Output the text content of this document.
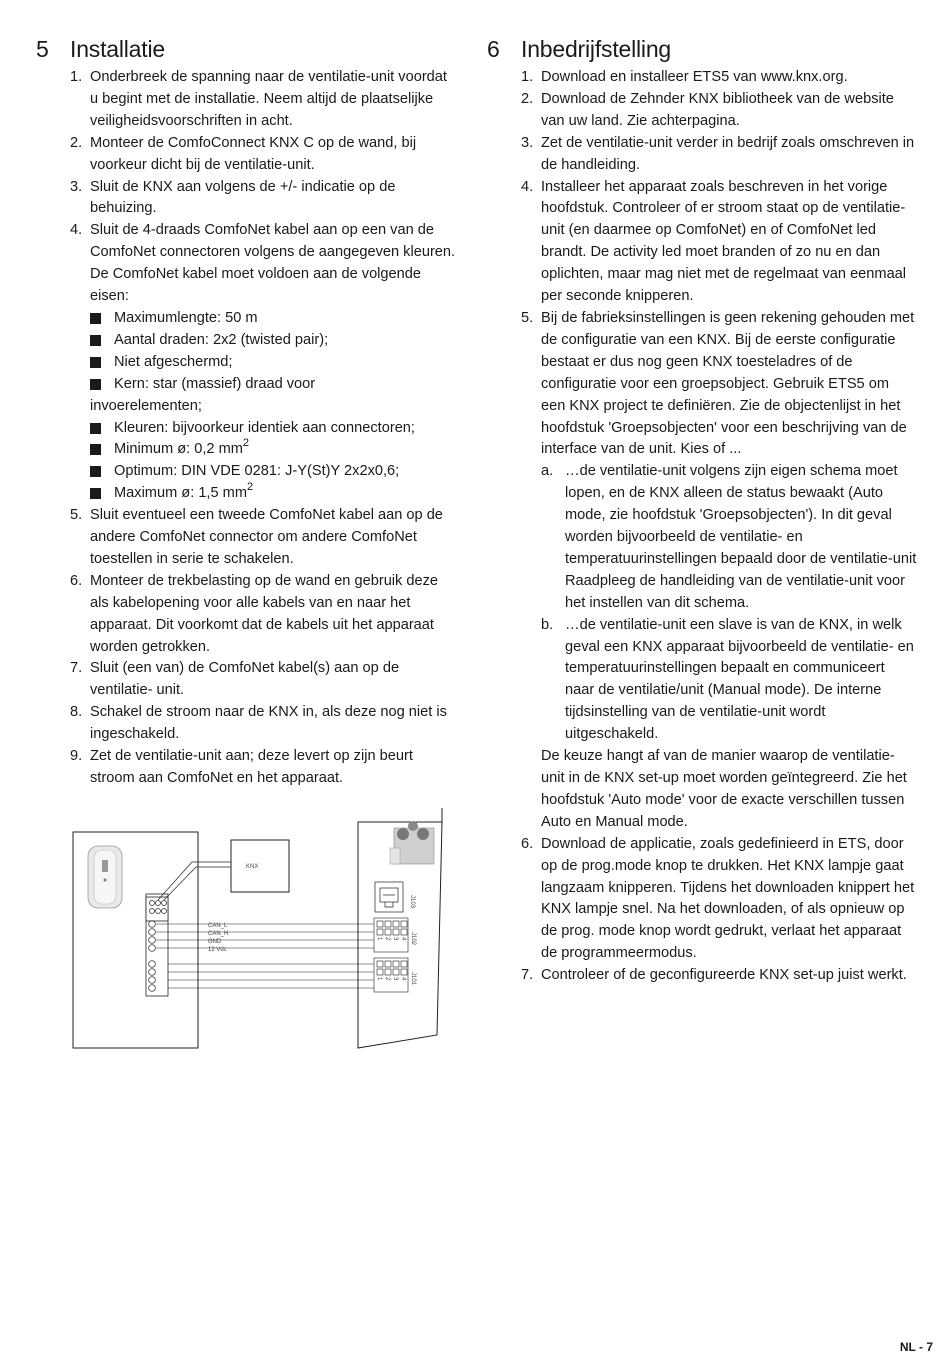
5 Installatie
1. Onderbreek de spanning naar de ventilatie-unit voordat u begint met de installatie. Neem altijd de plaatselijke veiligheidsvoorschriften in acht.
2. Monteer de ComfoConnect KNX C op de wand, bij voorkeur dicht bij de ventilatie-unit.
3. Sluit de KNX aan volgens de +/- indicatie op de behuizing.
4. Sluit de 4-draads ComfoNet kabel aan op een van de ComfoNet connectoren volgens de aangegeven kleuren. De ComfoNet kabel moet voldoen aan de volgende eisen:
Maximumlengte: 50 m
Aantal draden: 2x2 (twisted pair);
Niet afgeschermd;
Kern: star (massief) draad voor
invoerelementen;
Kleuren: bijvoorkeur identiek aan connectoren;
Minimum ø: 0,2 $mm^2$
Optimum: DIN VDE 0281: J-Y(St)Y 2x2x0,6;
Maximum ø: 1,5 $mm^2$
5. Sluit eventueel een tweede ComfoNet kabel aan op de andere ComfoNet connector om andere ComfoNet toestellen in serie te schakelen.
6. Monteer de trekbelasting op de wand en gebruik deze als kabelopening voor alle kabels van en naar het apparaat. Dit voorkomt dat de kabels uit het apparaat worden getrokken.
7. Sluit (een van) de ComfoNet kabel(s) aan op de ventilatie- unit.
8. Schakel de stroom naar de KNX in, als deze nog niet is ingeschakeld.
9. Zet de ventilatie-unit aan; deze levert op zijn beurt stroom aan ComfoNet en het apparaat.
KNX
CAN_L
CAN_H
GND
12 Vdc
J103
1 2 3 4 J102
1 2 3 4 J101
6 Inbedrijfstelling
1. Download en installeer ETS5 van www.knx.org.
2. Download de Zehnder KNX bibliotheek van de website van uw land. Zie achterpagina.
3. Zet de ventilatie-unit verder in bedrijf zoals omschreven in de handleiding.
4. Installeer het apparaat zoals beschreven in het vorige hoofdstuk. Controleer of er stroom staat op de ventilatie-unit (en daarmee op ComfoNet) en of ComfoNet led brandt. De activity led moet branden of zo nu en dan oplichten, maar mag niet met de regelmaat van eenmaal per seconde knipperen.
5. Bij de fabrieksinstellingen is geen rekening gehouden met de configuratie van een KNX. Bij de eerste configuratie bestaat er dus nog geen KNX toesteladres of de configuratie voor een groepsobject. Gebruik ETS5 om een KNX project te definiëren. Zie de objectenlijst in het hoofdstuk 'Groepsobjecten' voor een beschrijving van de interface van de unit. Kies of ...
a. …de ventilatie-unit volgens zijn eigen schema moet lopen, en de KNX alleen de status bewaakt (Auto mode, zie hoofdstuk 'Groepsobjecten'). In dit geval worden bijvoorbeeld de ventilatie- en temperatuurinstellingen bepaald door de ventilatie-unit Raadpleeg de handleiding van de ventilatie-unit voor het instellen van dit schema.
b. …de ventilatie-unit een slave is van de KNX, in welk geval een KNX apparaat bijvoorbeeld de ventilatie- en temperatuurinstellingen bepaalt en communiceert naar de ventilatie/unit (Manual mode). De interne tijdsinstelling van de ventilatie-unit wordt uitgeschakeld.
De keuze hangt af van de manier waarop de ventilatie-unit in de KNX set-up moet worden geïntegreerd. Zie het hoofdstuk 'Auto mode' voor de exacte verschillen tussen Auto en Manual mode.
6. Download de applicatie, zoals gedefinieerd in ETS, door op de prog.mode knop te drukken. Het KNX lampje gaat langzaam knipperen. Tijdens het downloaden knippert het KNX lampje snel. Na het downloaden, of als opnieuw op de prog. mode knop wordt gedrukt, verlaat het apparaat de programmeermodus.
7. Controleer of de geconfigureerde KNX set-up juist werkt.
NL - 7
